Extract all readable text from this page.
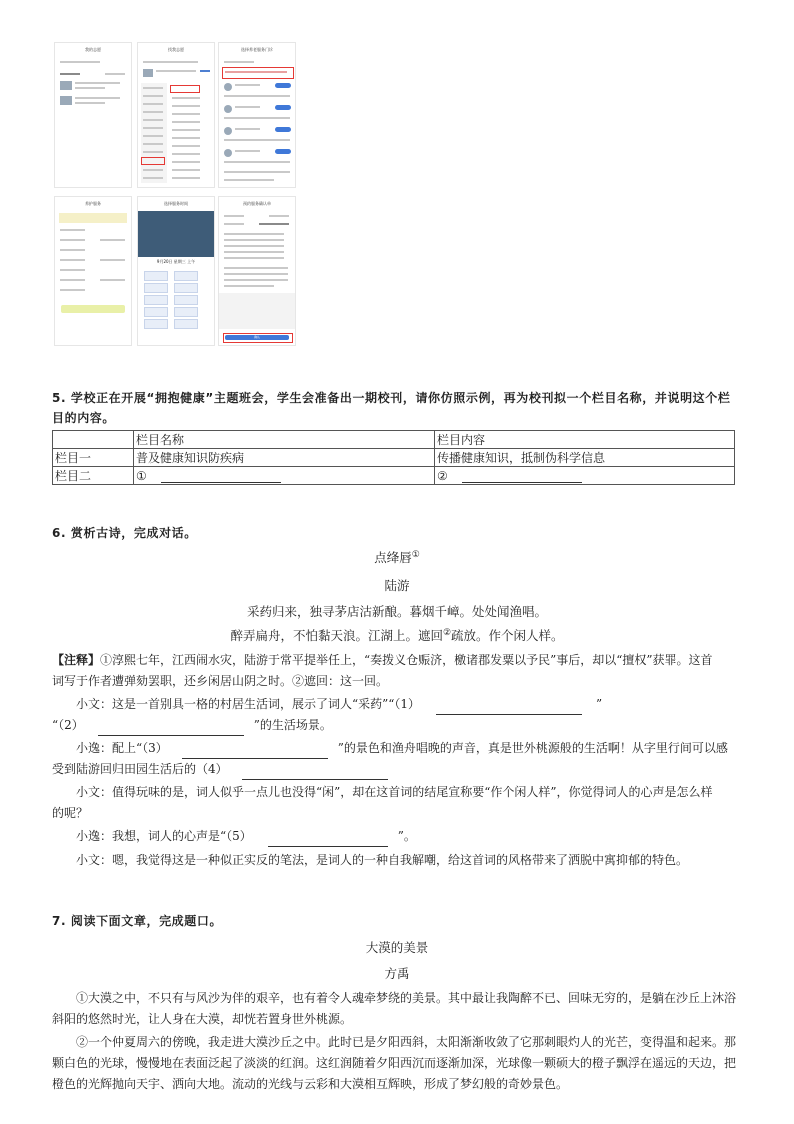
我的志愿	找我志愿	选择养老服务门诊
养护服务	选择服务时间
9月20日 星期三 上午
预约服务确认单
确认
5. 学校正在开展“拥抱健康”主题班会，学生会准备出一期校刊，请你仿照示例，再为校刊拟一个栏目名称，并说明这个栏目的内容。
	栏目名称	栏目内容
栏目一	普及健康知识防疾病	传播健康知识，抵制伪科学信息
栏目二	①	②
6. 赏析古诗，完成对话。
点绛唇①
陆游
采药归来，独寻茅店沽新酿。暮烟千嶂。处处闻渔唱。
醉弄扁舟，不怕黏天浪。江湖上。遮回②疏放。作个闲人样。
【注释】①淳熙七年，江西闹水灾，陆游于常平提举任上，“奏拨义仓赈济，檄诸郡发粟以予民”事后，却以“擅权”获罪。这首
词写于作者遭弹劾罢职，还乡闲居山阴之时。②遮回：这一回。
小文：这是一首别具一格的村居生活词，展示了词人“采药”“（1）	”
“（2）	”的生活场景。
小逸：配上“（3）	”的景色和渔舟唱晚的声音，真是世外桃源般的生活啊！从字里行间可以感
受到陆游回归田园生活后的（4）
小文：值得玩味的是，词人似乎一点儿也没得“闲”，却在这首词的结尾宣称要“作个闲人样”，你觉得词人的心声是怎么样
的呢？
小逸：我想，词人的心声是“（5）	”。
小文：嗯，我觉得这是一种似正实反的笔法，是词人的一种自我解嘲，给这首词的风格带来了洒脱中寓抑郁的特色。
7. 阅读下面文章，完成题口。
大漠的美景
方禹
①大漠之中，不只有与风沙为伴的艰辛，也有着令人魂牵梦绕的美景。其中最让我陶醉不已、回味无穷的，是躺在沙丘上沐浴
斜阳的悠然时光，让人身在大漠，却恍若置身世外桃源。
②一个仲夏周六的傍晚，我走进大漠沙丘之中。此时已是夕阳西斜，太阳渐渐收敛了它那刺眼灼人的光芒，变得温和起来。那
颗白色的光球，慢慢地在表面泛起了淡淡的红润。这红润随着夕阳西沉而逐渐加深，光球像一颗硕大的橙子飘浮在遥远的天边，把
橙色的光辉抛向天宇、洒向大地。流动的光线与云彩和大漠相互辉映，形成了梦幻般的奇妙景色。
